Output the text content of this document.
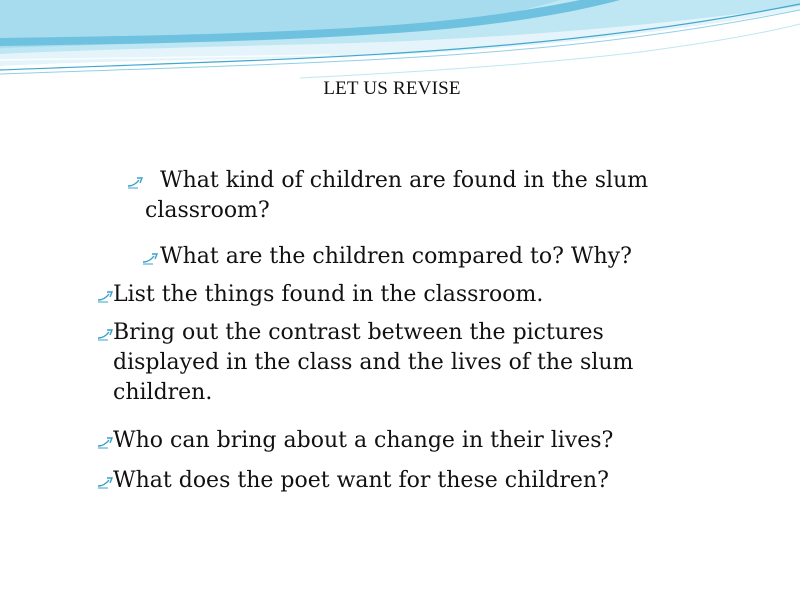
LET US REVISE
What kind of children are found in the slum classroom?
What are the children compared to? Why?
List the things found in the classroom.
Bring out the contrast between the pictures displayed in the class and the lives of the slum children.
Who can bring about a change in their lives?
What does the poet want for these children?
